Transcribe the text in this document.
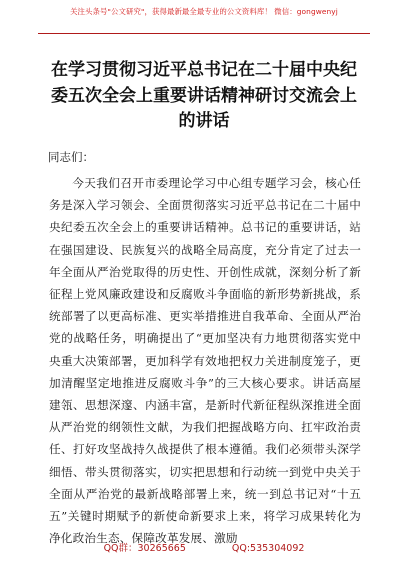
关注头条号"公文研究"，获得最新最全最专业的公文资料库！ 微信：gongwenyj
在学习贯彻习近平总书记在二十届中央纪委五次全会上重要讲话精神研讨交流会上的讲话
同志们：
今天我们召开市委理论学习中心组专题学习会，核心任务是深入学习领会、全面贯彻落实习近平总书记在二十届中央纪委五次全会上的重要讲话精神。总书记的重要讲话，站在强国建设、民族复兴的战略全局高度，充分肯定了过去一年全面从严治党取得的历史性、开创性成就，深刻分析了新征程上党风廉政建设和反腐败斗争面临的新形势新挑战，系统部署了以更高标准、更实举措推进自我革命、全面从严治党的战略任务，明确提出了“更加坚决有力地贯彻落实党中央重大决策部署，更加科学有效地把权力关进制度笼子，更加清醒坚定地推进反腐败斗争”的三大核心要求。讲话高屋建瓴、思想深邃、内涵丰富，是新时代新征程纵深推进全面从严治党的纲领性文献，为我们把握战略方向、扛牢政治责任、打好攻坚战持久战提供了根本遵循。我们必须带头深学细悟、带头贯彻落实，切实把思想和行动统一到党中央关于全面从严治党的最新战略部署上来，统一到总书记对“十五五”关键时期赋予的新使命新要求上来，将学习成果转化为净化政治生态、保障改革发展、激励
QQ群：30265665	QQ:535304092
